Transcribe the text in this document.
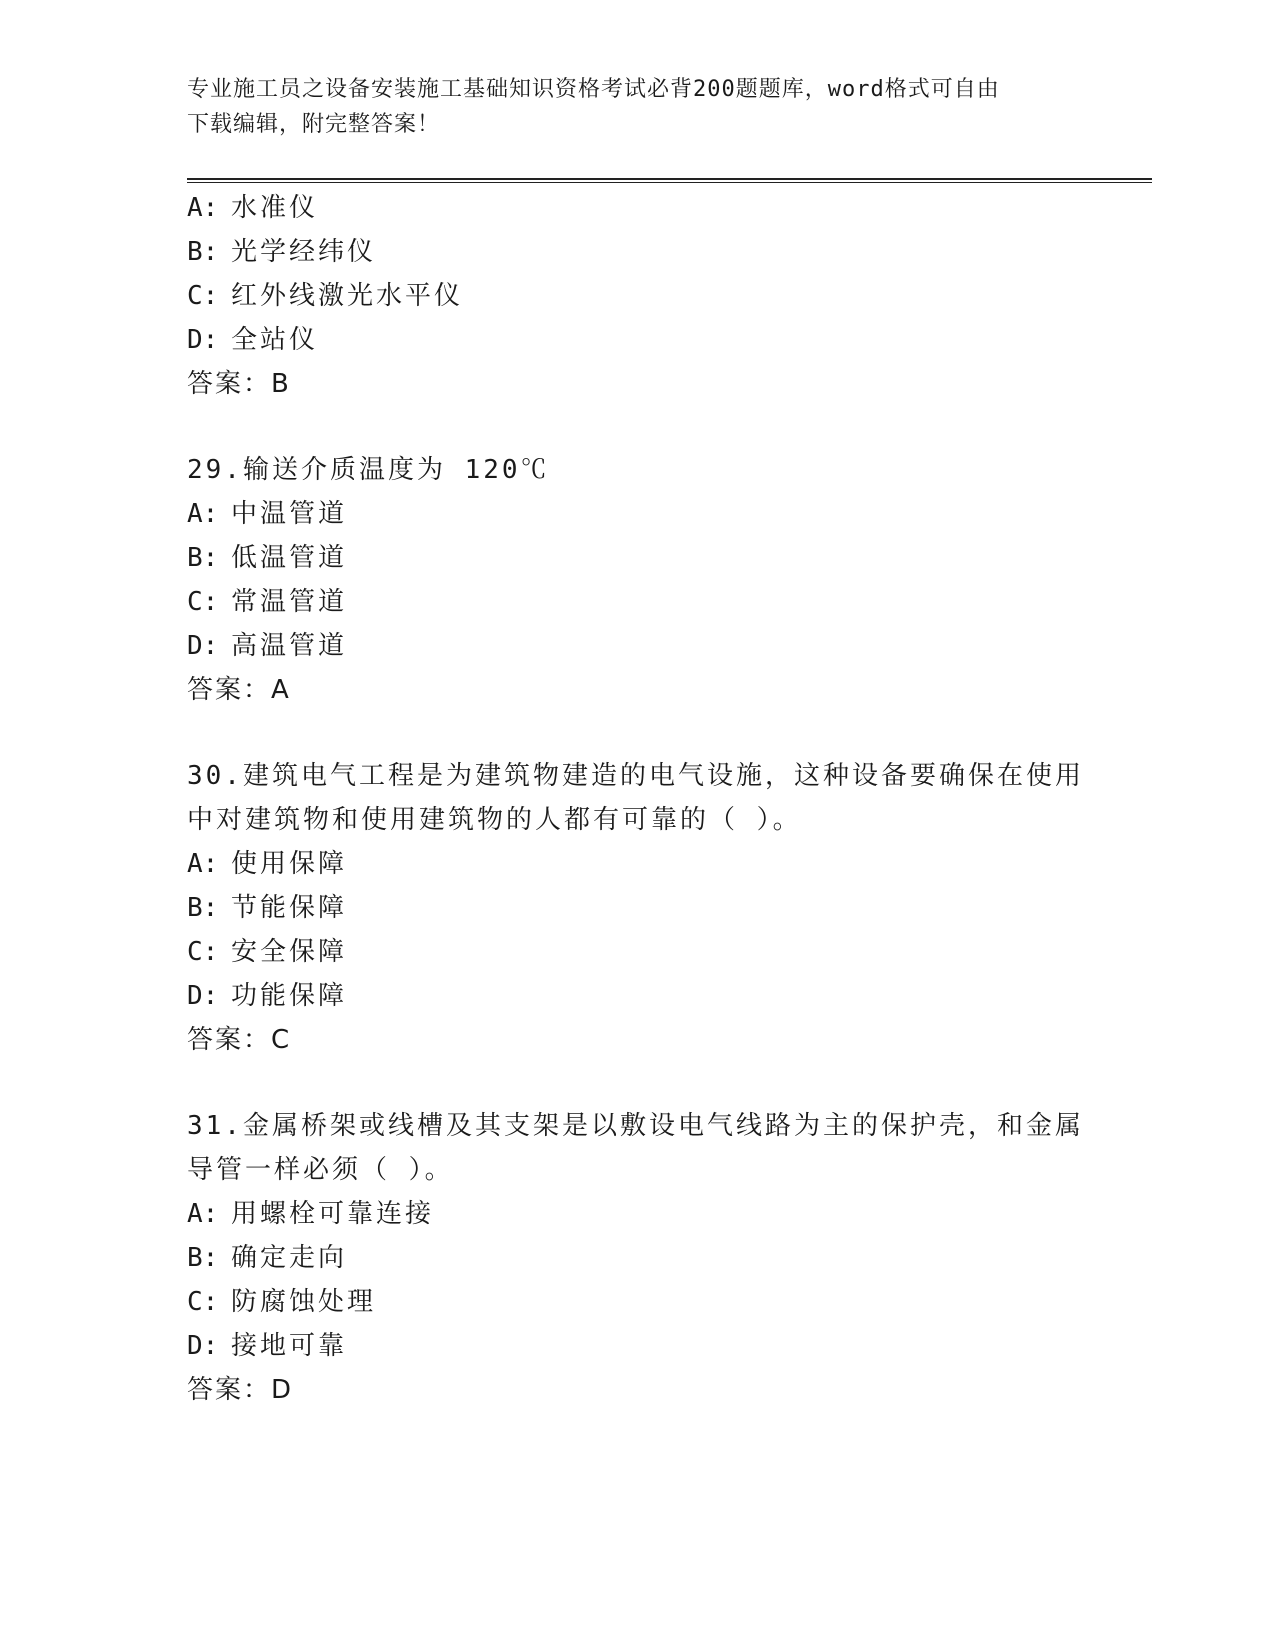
专业施工员之设备安装施工基础知识资格考试必背200题题库，word格式可自由
下载编辑，附完整答案！
A: 水准仪
B: 光学经纬仪
C: 红外线激光水平仪
D: 全站仪
答案：B
29.输送介质温度为 120℃
A: 中温管道
B: 低温管道
C: 常温管道
D: 高温管道
答案：A
30.建筑电气工程是为建筑物建造的电气设施，这种设备要确保在使用
中对建筑物和使用建筑物的人都有可靠的（ ）。
A: 使用保障
B: 节能保障
C: 安全保障
D: 功能保障
答案：C
31.金属桥架或线槽及其支架是以敷设电气线路为主的保护壳，和金属
导管一样必须（ ）。
A: 用螺栓可靠连接
B: 确定走向
C: 防腐蚀处理
D: 接地可靠
答案：D
